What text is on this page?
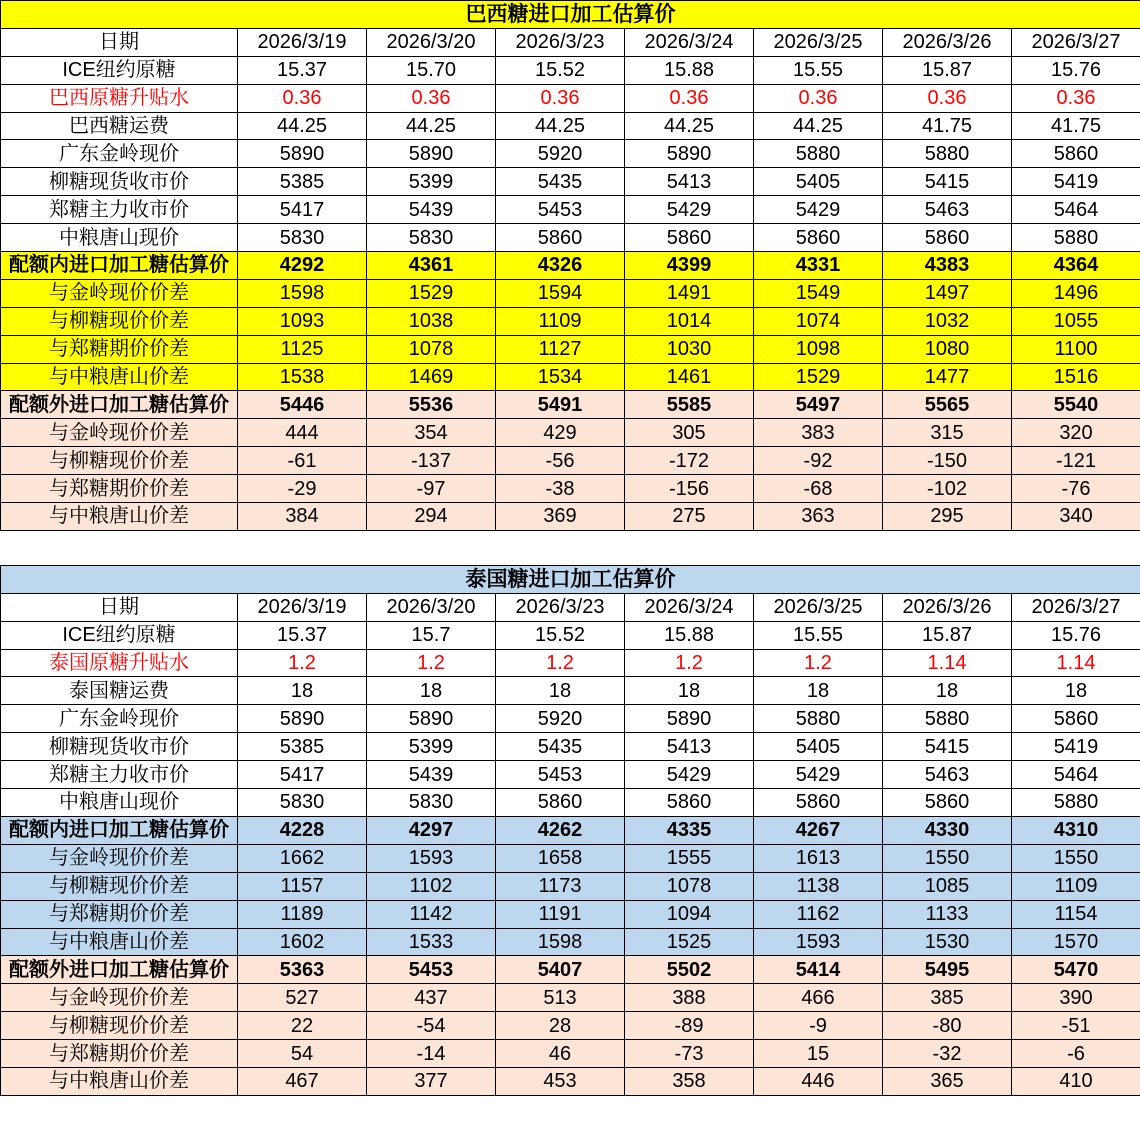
巴西糖进口加工估算价							
日期	2026/3/19	2026/3/20	2026/3/23	2026/3/24	2026/3/25	2026/3/26	2026/3/27
ICE纽约原糖	15.37	15.70	15.52	15.88	15.55	15.87	15.76
巴西原糖升贴水	0.36	0.36	0.36	0.36	0.36	0.36	0.36
巴西糖运费	44.25	44.25	44.25	44.25	44.25	41.75	41.75
广东金岭现价	5890	5890	5920	5890	5880	5880	5860
柳糖现货收市价	5385	5399	5435	5413	5405	5415	5419
郑糖主力收市价	5417	5439	5453	5429	5429	5463	5464
中粮唐山现价	5830	5830	5860	5860	5860	5860	5880
配额内进口加工糖估算价	4292	4361	4326	4399	4331	4383	4364
与金岭现价价差	1598	1529	1594	1491	1549	1497	1496
与柳糖现价价差	1093	1038	1109	1014	1074	1032	1055
与郑糖期价价差	1125	1078	1127	1030	1098	1080	1100
与中粮唐山价差	1538	1469	1534	1461	1529	1477	1516
配额外进口加工糖估算价	5446	5536	5491	5585	5497	5565	5540
与金岭现价价差	444	354	429	305	383	315	320
与柳糖现价价差	-61	-137	-56	-172	-92	-150	-121
与郑糖期价价差	-29	-97	-38	-156	-68	-102	-76
与中粮唐山价差	384	294	369	275	363	295	340
泰国糖进口加工估算价							
日期	2026/3/19	2026/3/20	2026/3/23	2026/3/24	2026/3/25	2026/3/26	2026/3/27
ICE纽约原糖	15.37	15.7	15.52	15.88	15.55	15.87	15.76
泰国原糖升贴水	1.2	1.2	1.2	1.2	1.2	1.14	1.14
泰国糖运费	18	18	18	18	18	18	18
广东金岭现价	5890	5890	5920	5890	5880	5880	5860
柳糖现货收市价	5385	5399	5435	5413	5405	5415	5419
郑糖主力收市价	5417	5439	5453	5429	5429	5463	5464
中粮唐山现价	5830	5830	5860	5860	5860	5860	5880
配额内进口加工糖估算价	4228	4297	4262	4335	4267	4330	4310
与金岭现价价差	1662	1593	1658	1555	1613	1550	1550
与柳糖现价价差	1157	1102	1173	1078	1138	1085	1109
与郑糖期价价差	1189	1142	1191	1094	1162	1133	1154
与中粮唐山价差	1602	1533	1598	1525	1593	1530	1570
配额外进口加工糖估算价	5363	5453	5407	5502	5414	5495	5470
与金岭现价价差	527	437	513	388	466	385	390
与柳糖现价价差	22	-54	28	-89	-9	-80	-51
与郑糖期价价差	54	-14	46	-73	15	-32	-6
与中粮唐山价差	467	377	453	358	446	365	410
